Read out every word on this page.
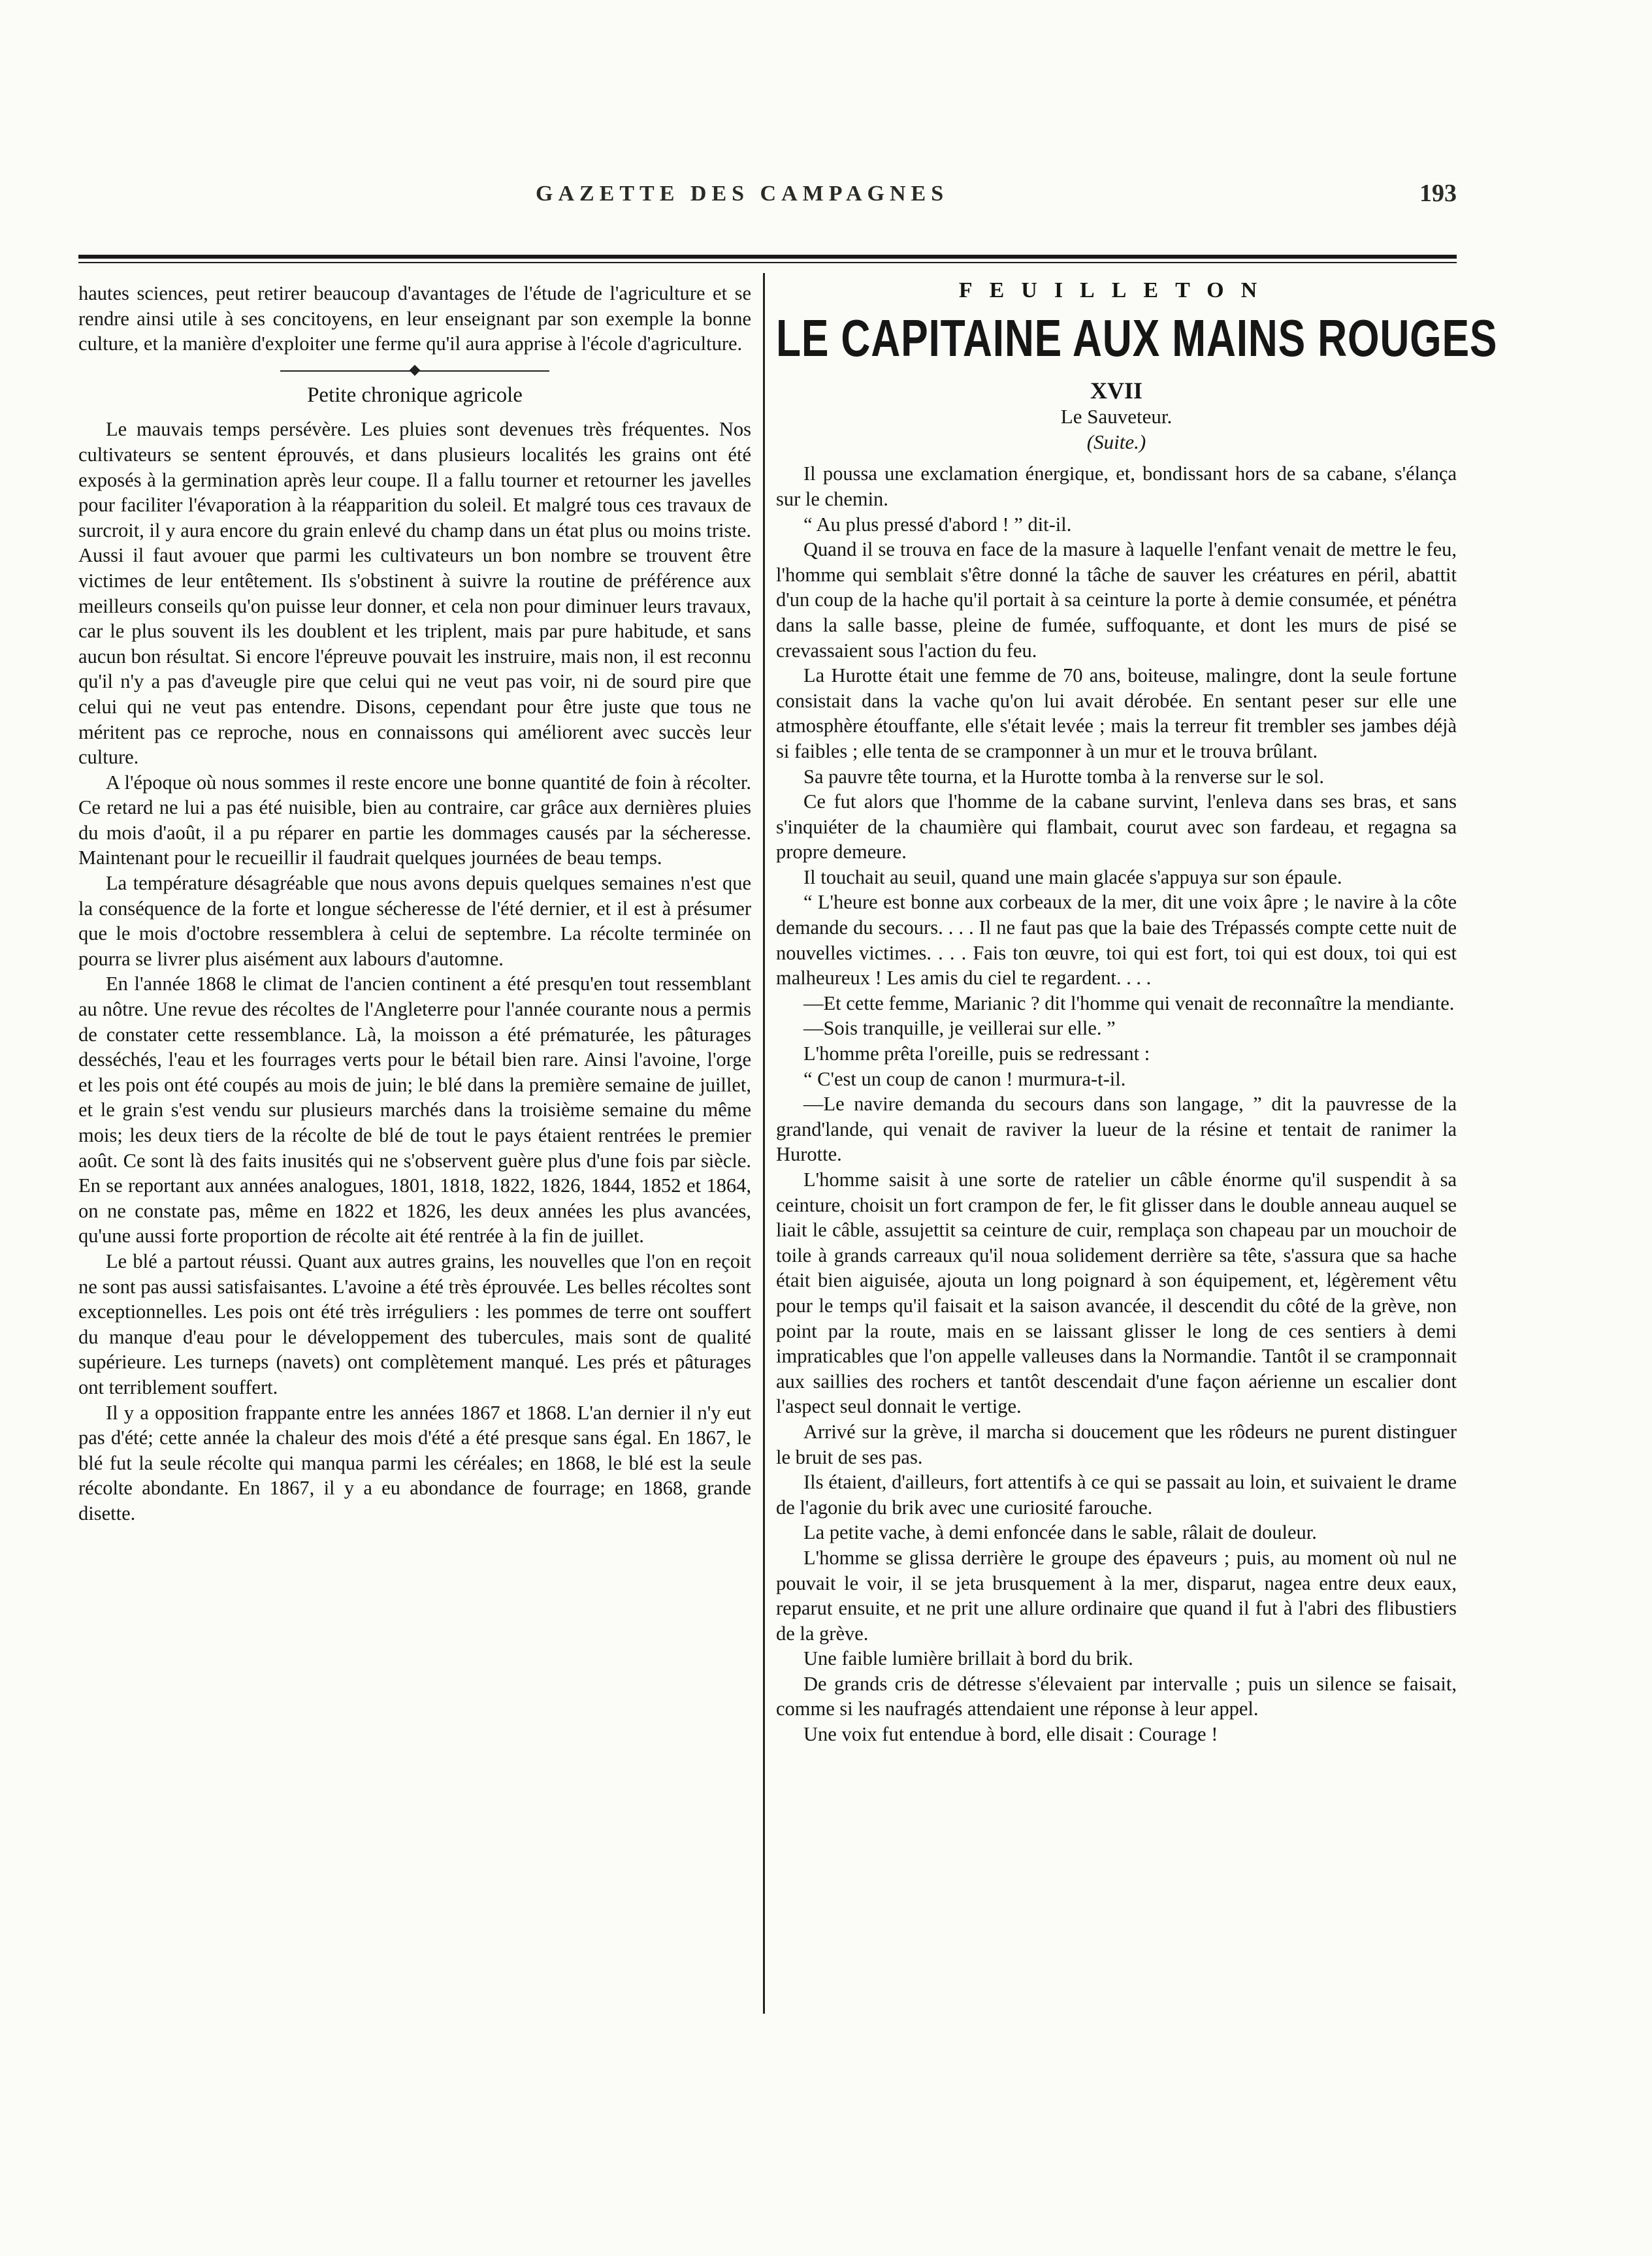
GAZETTE DES CAMPAGNES	193

hautes sciences, peut retirer beaucoup d'avantages de l'étude de l'agriculture et se rendre ainsi utile à ses concitoyens, en leur enseignant par son exemple la bonne culture, et la manière d'exploiter une ferme qu'il aura apprise à l'école d'agriculture.

Petite chronique agricole

Le mauvais temps persévère. Les pluies sont devenues très fréquentes. Nos cultivateurs se sentent éprouvés, et dans plusieurs localités les grains ont été exposés à la germination après leur coupe. Il a fallu tourner et retourner les javelles pour faciliter l'évaporation à la réapparition du soleil. Et malgré tous ces travaux de surcroit, il y aura encore du grain enlevé du champ dans un état plus ou moins triste. Aussi il faut avouer que parmi les cultivateurs un bon nombre se trouvent être victimes de leur entêtement. Ils s'obstinent à suivre la routine de préférence aux meilleurs conseils qu'on puisse leur donner, et cela non pour diminuer leurs travaux, car le plus souvent ils les doublent et les triplent, mais par pure habitude, et sans aucun bon résultat. Si encore l'épreuve pouvait les instruire, mais non, il est reconnu qu'il n'y a pas d'aveugle pire que celui qui ne veut pas voir, ni de sourd pire que celui qui ne veut pas entendre. Disons, cependant pour être juste que tous ne méritent pas ce reproche, nous en connaissons qui améliorent avec succès leur culture.

A l'époque où nous sommes il reste encore une bonne quantité de foin à récolter. Ce retard ne lui a pas été nuisible, bien au contraire, car grâce aux dernières pluies du mois d'août, il a pu réparer en partie les dommages causés par la sécheresse. Maintenant pour le recueillir il faudrait quelques journées de beau temps.

La température désagréable que nous avons depuis quelques semaines n'est que la conséquence de la forte et longue sécheresse de l'été dernier, et il est à présumer que le mois d'octobre ressemblera à celui de septembre. La récolte terminée on pourra se livrer plus aisément aux labours d'automne.

En l'année 1868 le climat de l'ancien continent a été presqu'en tout ressemblant au nôtre. Une revue des récoltes de l'Angleterre pour l'année courante nous a permis de constater cette ressemblance. Là, la moisson a été prématurée, les pâturages desséchés, l'eau et les fourrages verts pour le bétail bien rare. Ainsi l'avoine, l'orge et les pois ont été coupés au mois de juin; le blé dans la première semaine de juillet, et le grain s'est vendu sur plusieurs marchés dans la troisième semaine du même mois; les deux tiers de la récolte de blé de tout le pays étaient rentrées le premier août. Ce sont là des faits inusités qui ne s'observent guère plus d'une fois par siècle. En se reportant aux années analogues, 1801, 1818, 1822, 1826, 1844, 1852 et 1864, on ne constate pas, même en 1822 et 1826, les deux années les plus avancées, qu'une aussi forte proportion de récolte ait été rentrée à la fin de juillet.

Le blé a partout réussi. Quant aux autres grains, les nouvelles que l'on en reçoit ne sont pas aussi satisfaisantes. L'avoine a été très éprouvée. Les belles récoltes sont exceptionnelles. Les pois ont été très irréguliers : les pommes de terre ont souffert du manque d'eau pour le développement des tubercules, mais sont de qualité supérieure. Les turneps (navets) ont complètement manqué. Les prés et pâturages ont terriblement souffert.

Il y a opposition frappante entre les années 1867 et 1868. L'an dernier il n'y eut pas d'été; cette année la chaleur des mois d'été a été presque sans égal. En 1867, le blé fut la seule récolte qui manqua parmi les céréales; en 1868, le blé est la seule récolte abondante. En 1867, il y a eu abondance de fourrage; en 1868, grande disette.

FEUILLETON
LE CAPITAINE AUX MAINS ROUGES
XVII
Le Sauveteur.
(Suite.)

Il poussa une exclamation énergique, et, bondissant hors de sa cabane, s'élança sur le chemin.

“ Au plus pressé d'abord ! ” dit-il.

Quand il se trouva en face de la masure à laquelle l'enfant venait de mettre le feu, l'homme qui semblait s'être donné la tâche de sauver les créatures en péril, abattit d'un coup de la hache qu'il portait à sa ceinture la porte à demie consumée, et pénétra dans la salle basse, pleine de fumée, suffoquante, et dont les murs de pisé se crevassaient sous l'action du feu.

La Hurotte était une femme de 70 ans, boiteuse, malingre, dont la seule fortune consistait dans la vache qu'on lui avait dérobée. En sentant peser sur elle une atmosphère étouffante, elle s'était levée ; mais la terreur fit trembler ses jambes déjà si faibles ; elle tenta de se cramponner à un mur et le trouva brûlant.

Sa pauvre tête tourna, et la Hurotte tomba à la renverse sur le sol.

Ce fut alors que l'homme de la cabane survint, l'enleva dans ses bras, et sans s'inquiéter de la chaumière qui flambait, courut avec son fardeau, et regagna sa propre demeure.

Il touchait au seuil, quand une main glacée s'appuya sur son épaule.

“ L'heure est bonne aux corbeaux de la mer, dit une voix âpre ; le navire à la côte demande du secours. . . . Il ne faut pas que la baie des Trépassés compte cette nuit de nouvelles victimes. . . . Fais ton œuvre, toi qui est fort, toi qui est doux, toi qui est malheureux ! Les amis du ciel te regardent. . . .

—Et cette femme, Marianic ? dit l'homme qui venait de reconnaître la mendiante.

—Sois tranquille, je veillerai sur elle. ”

L'homme prêta l'oreille, puis se redressant :

“ C'est un coup de canon ! murmura-t-il.

—Le navire demanda du secours dans son langage, ” dit la pauvresse de la grand'lande, qui venait de raviver la lueur de la résine et tentait de ranimer la Hurotte.

L'homme saisit à une sorte de ratelier un câble énorme qu'il suspendit à sa ceinture, choisit un fort crampon de fer, le fit glisser dans le double anneau auquel se liait le câble, assujettit sa ceinture de cuir, remplaça son chapeau par un mouchoir de toile à grands carreaux qu'il noua solidement derrière sa tête, s'assura que sa hache était bien aiguisée, ajouta un long poignard à son équipement, et, légèrement vêtu pour le temps qu'il faisait et la saison avancée, il descendit du côté de la grève, non point par la route, mais en se laissant glisser le long de ces sentiers à demi impraticables que l'on appelle valleuses dans la Normandie. Tantôt il se cramponnait aux saillies des rochers et tantôt descendait d'une façon aérienne un escalier dont l'aspect seul donnait le vertige.

Arrivé sur la grève, il marcha si doucement que les rôdeurs ne purent distinguer le bruit de ses pas.

Ils étaient, d'ailleurs, fort attentifs à ce qui se passait au loin, et suivaient le drame de l'agonie du brik avec une curiosité farouche.

La petite vache, à demi enfoncée dans le sable, râlait de douleur.

L'homme se glissa derrière le groupe des épaveurs ; puis, au moment où nul ne pouvait le voir, il se jeta brusquement à la mer, disparut, nagea entre deux eaux, reparut ensuite, et ne prit une allure ordinaire que quand il fut à l'abri des flibustiers de la grève.

Une faible lumière brillait à bord du brik.

De grands cris de détresse s'élevaient par intervalle ; puis un silence se faisait, comme si les naufragés attendaient une réponse à leur appel.

Une voix fut entendue à bord, elle disait : Courage !
